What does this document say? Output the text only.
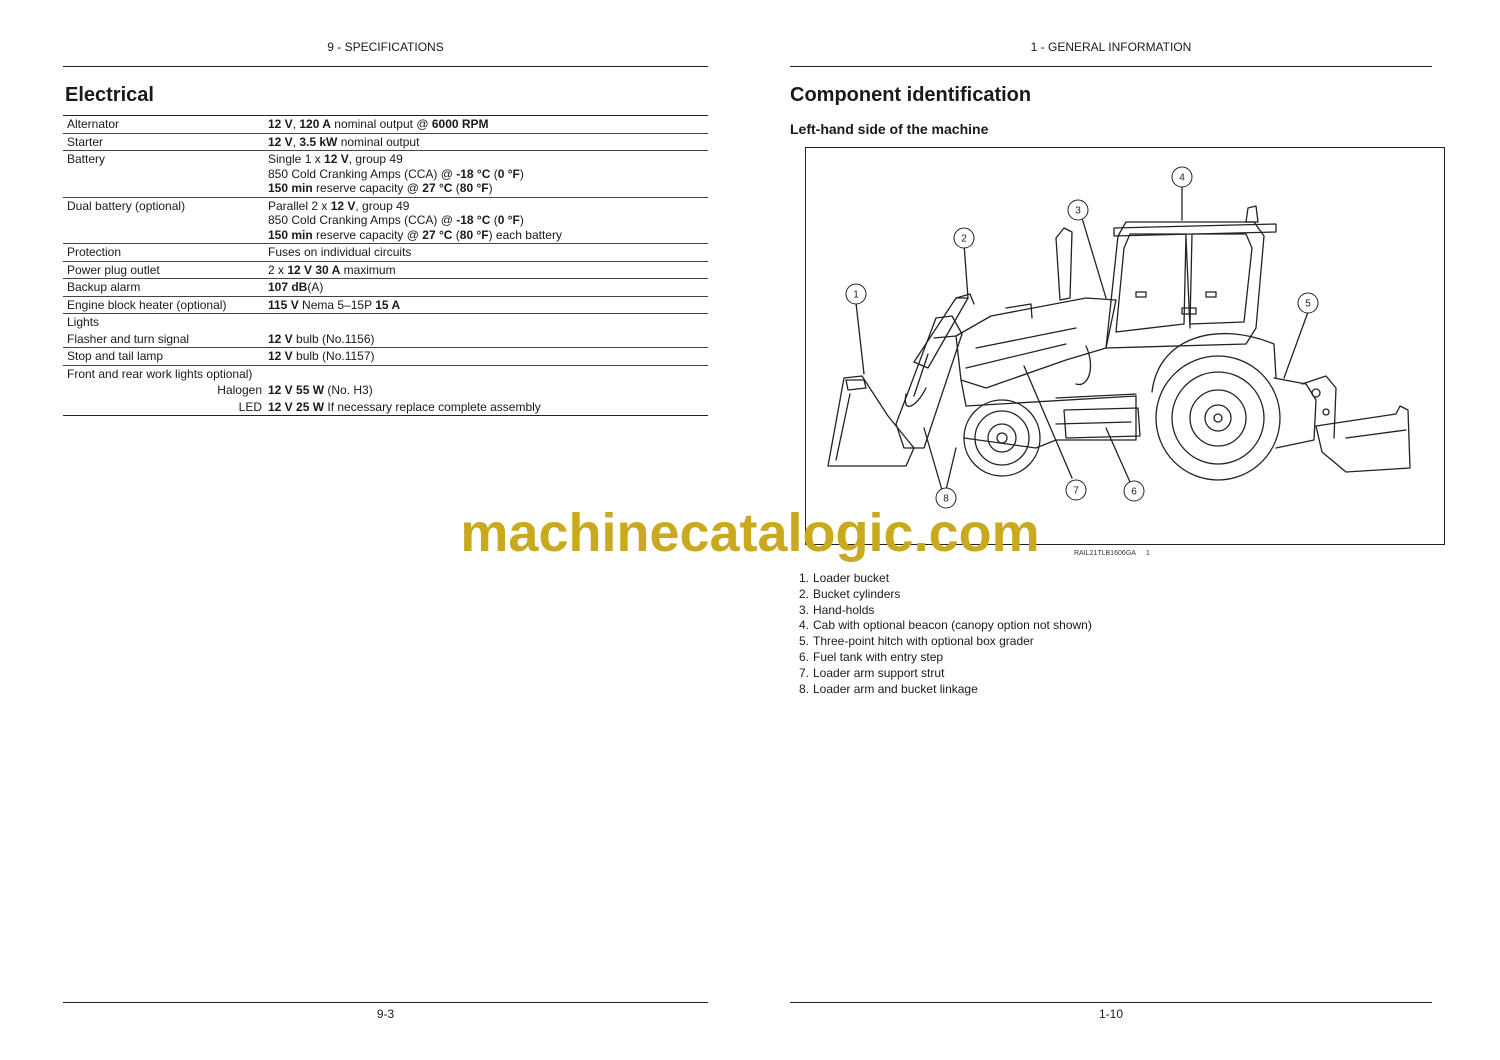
9 - SPECIFICATIONS
Electrical
Alternator	12 V, 120 A nominal output @ 6000 RPM
Starter	12 V, 3.5 kW nominal output
Battery	Single 1 x 12 V, group 49
850 Cold Cranking Amps (CCA) @ -18 °C (0 °F)
150 min reserve capacity @ 27 °C (80 °F)
Dual battery (optional)	Parallel 2 x 12 V, group 49
850 Cold Cranking Amps (CCA) @ -18 °C (0 °F)
150 min reserve capacity @ 27 °C (80 °F) each battery
Protection	Fuses on individual circuits
Power plug outlet	2 x 12 V 30 A maximum
Backup alarm	107 dB(A)
Engine block heater (optional)	115 V Nema 5–15P 15 A
Lights	
Flasher and turn signal	12 V bulb (No.1156)
Stop and tail lamp	12 V bulb (No.1157)
Front and rear work lights optional)	
Halogen	12 V 55 W (No. H3)
LED	12 V 25 W If necessary replace complete assembly
9-3
1 - GENERAL INFORMATION
Component identification
Left-hand side of the machine
1
2
3
4
5
6
7
8
RAIL21TLB1606GA 1
1. Loader bucket
2. Bucket cylinders
3. Hand-holds
4. Cab with optional beacon (canopy option not shown)
5. Three-point hitch with optional box grader
6. Fuel tank with entry step
7. Loader arm support strut
8. Loader arm and bucket linkage
1-10
machinecatalogic.com
